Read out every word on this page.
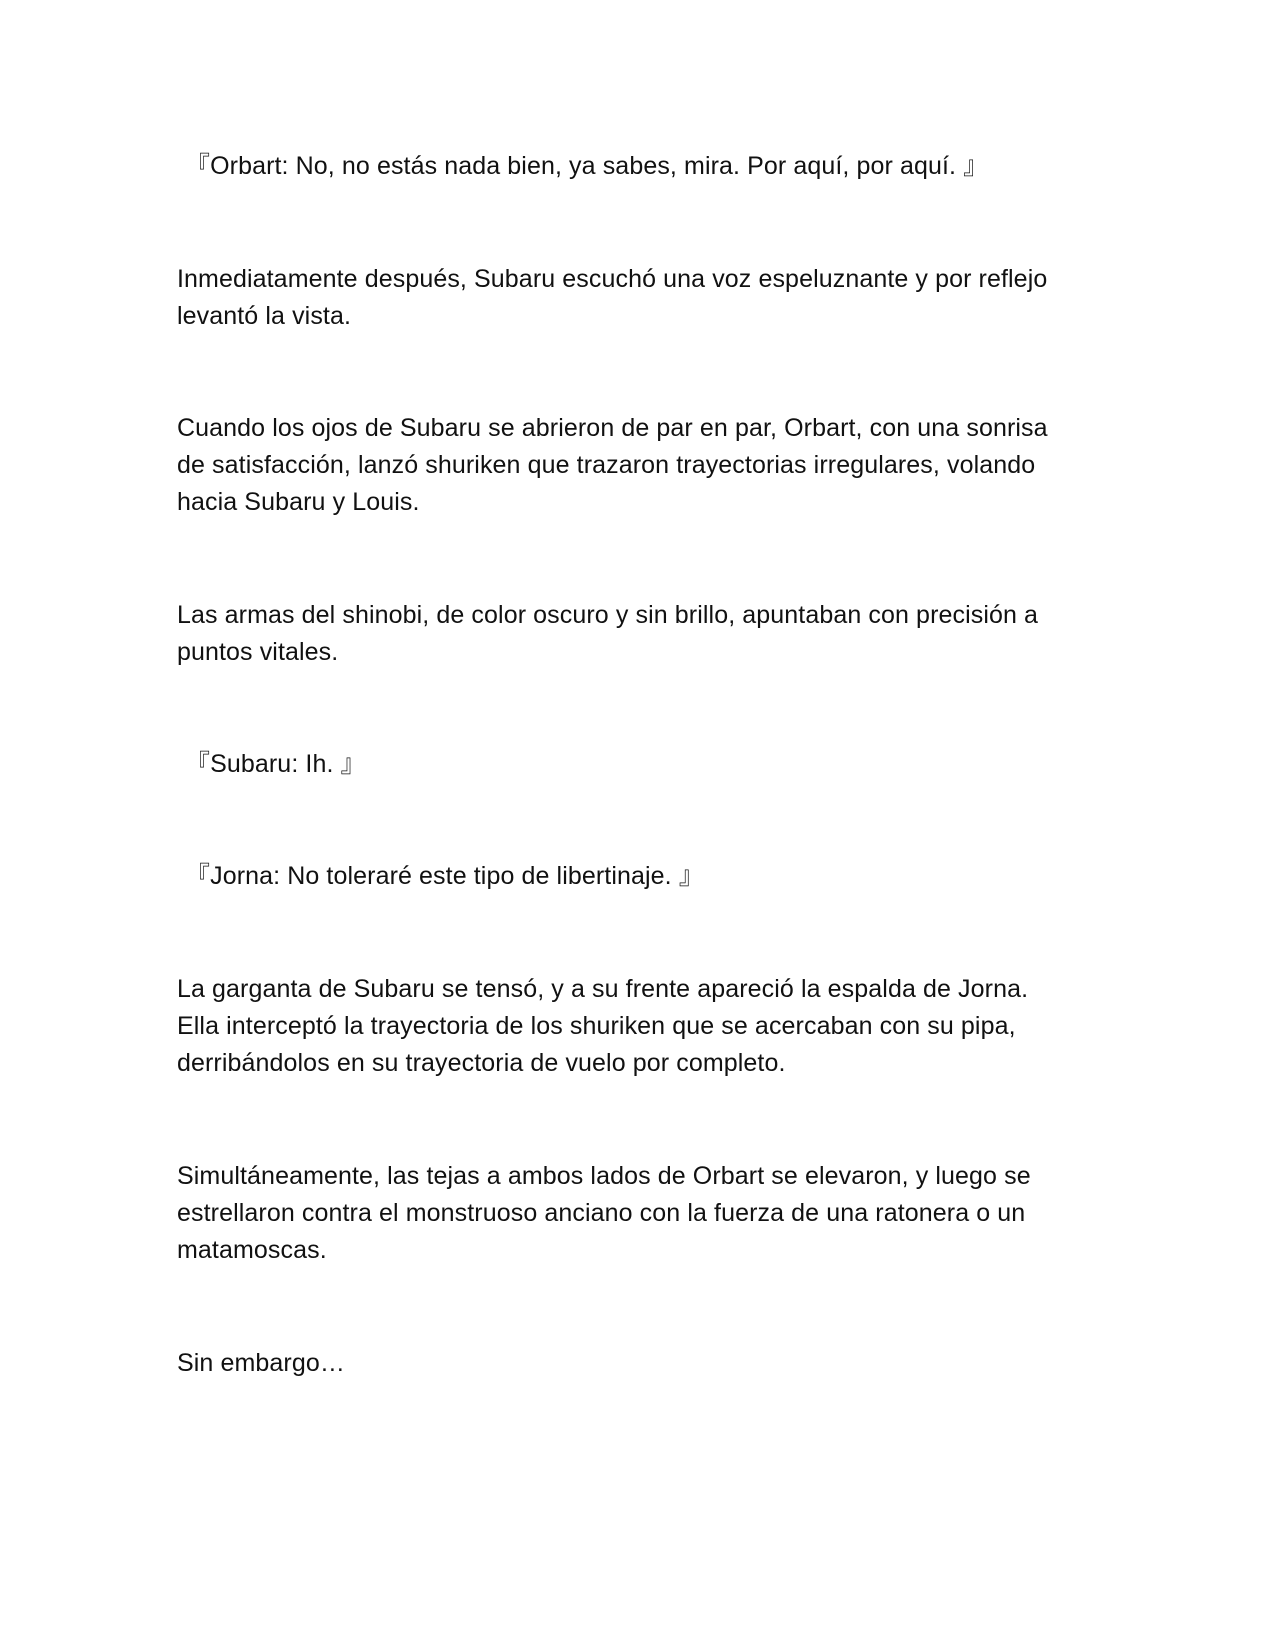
『Orbart: No, no estás nada bien, ya sabes, mira. Por aquí, por aquí. 』

Inmediatamente después, Subaru escuchó una voz espeluznante y por reflejo
levantó la vista.

Cuando los ojos de Subaru se abrieron de par en par, Orbart, con una sonrisa
de satisfacción, lanzó shuriken que trazaron trayectorias irregulares, volando
hacia Subaru y Louis.

Las armas del shinobi, de color oscuro y sin brillo, apuntaban con precisión a
puntos vitales.

『Subaru: Ih. 』

『Jorna: No toleraré este tipo de libertinaje. 』

La garganta de Subaru se tensó, y a su frente apareció la espalda de Jorna.
Ella interceptó la trayectoria de los shuriken que se acercaban con su pipa,
derribándolos en su trayectoria de vuelo por completo.

Simultáneamente, las tejas a ambos lados de Orbart se elevaron, y luego se
estrellaron contra el monstruoso anciano con la fuerza de una ratonera o un
matamoscas.

Sin embargo…
